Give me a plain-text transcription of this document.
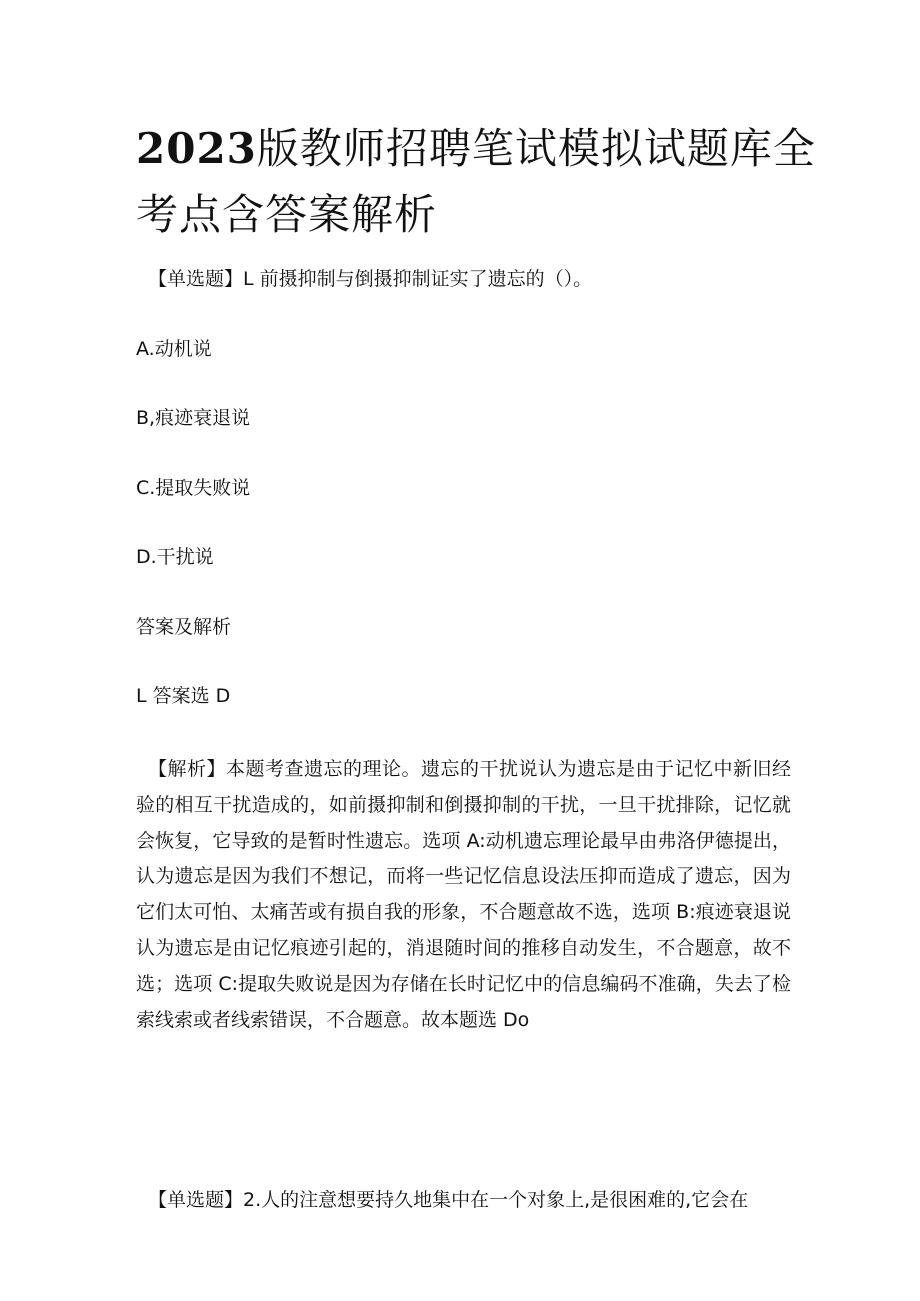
2023版教师招聘笔试模拟试题库全考点含答案解析
【单选题】L 前摄抑制与倒摄抑制证实了遗忘的（）。
A.动机说
B,痕迹衰退说
C.提取失败说
D.干扰说
答案及解析
L 答案选 D

【解析】本题考查遗忘的理论。遗忘的干扰说认为遗忘是由于记忆中新旧经验的相互干扰造成的，如前摄抑制和倒摄抑制的干扰，一旦干扰排除，记忆就会恢复，它导致的是暂时性遗忘。选项 A:动机遗忘理论最早由弗洛伊德提出，认为遗忘是因为我们不想记，而将一些记忆信息设法压抑而造成了遗忘，因为它们太可怕、太痛苦或有损自我的形象，不合题意故不选，选项 B:痕迹衰退说认为遗忘是由记忆痕迹引起的，消退随时间的推移自动发生，不合题意，故不选；选项 C:提取失败说是因为存储在长时记忆中的信息编码不准确，失去了检索线索或者线索错误，不合题意。故本题选 Do

【单选题】2.人的注意想要持久地集中在一个对象上,是很困难的,它会在
